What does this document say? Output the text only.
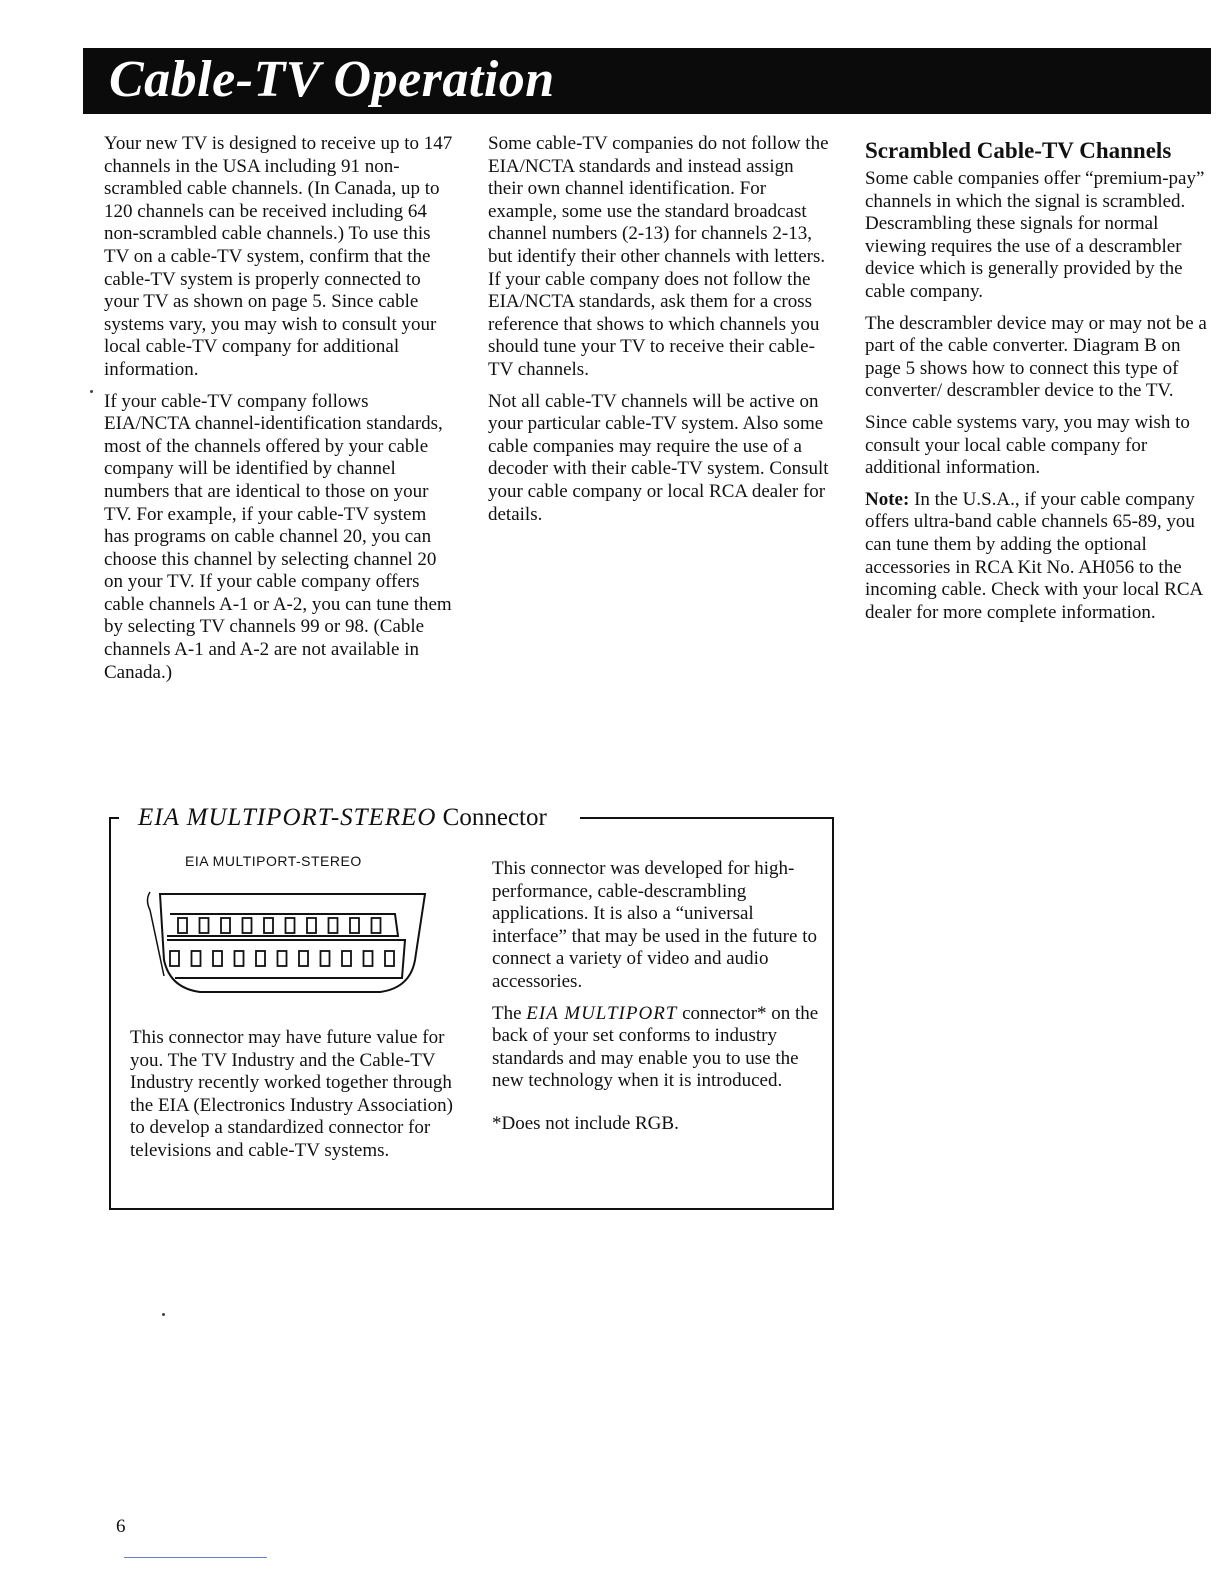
Cable-TV Operation

Your new TV is designed to receive up to 147 channels in the USA including 91 non-scrambled cable channels. (In Canada, up to 120 channels can be received including 64 non-scrambled cable channels.) To use this TV on a cable-TV system, confirm that the cable-TV system is properly connected to your TV as shown on page 5. Since cable systems vary, you may wish to consult your local cable-TV company for additional information.

If your cable-TV company follows EIA/NCTA channel-identification standards, most of the channels offered by your cable company will be identified by channel numbers that are identical to those on your TV. For example, if your cable-TV system has programs on cable channel 20, you can choose this channel by selecting channel 20 on your TV. If your cable company offers cable channels A-1 or A-2, you can tune them by selecting TV channels 99 or 98. (Cable channels A-1 and A-2 are not available in Canada.)

Some cable-TV companies do not follow the EIA/NCTA standards and instead assign their own channel identification. For example, some use the standard broadcast channel numbers (2-13) for channels 2-13, but identify their other channels with letters. If your cable company does not follow the EIA/NCTA standards, ask them for a cross reference that shows to which channels you should tune your TV to receive their cable-TV channels.

Not all cable-TV channels will be active on your particular cable-TV system. Also some cable companies may require the use of a decoder with their cable-TV system. Consult your cable company or local RCA dealer for details.

Scrambled Cable-TV Channels

Some cable companies offer “premium-pay” channels in which the signal is scrambled. Descrambling these signals for normal viewing requires the use of a descrambler device which is generally provided by the cable company.

The descrambler device may or may not be a part of the cable converter. Diagram B on page 5 shows how to connect this type of converter/ descrambler device to the TV.

Since cable systems vary, you may wish to consult your local cable company for additional information.

Note: In the U.S.A., if your cable company offers ultra-band cable channels 65-89, you can tune them by adding the optional accessories in RCA Kit No. AH056 to the incoming cable. Check with your local RCA dealer for more complete information.

EIA MULTIPORT-STEREO Connector
EIA MULTIPORT-STEREO

This connector may have future value for you. The TV Industry and the Cable-TV Industry recently worked together through the EIA (Electronics Industry Association) to develop a standardized connector for televisions and cable-TV systems.

This connector was developed for high-performance, cable-descrambling applications. It is also a “universal interface” that may be used in the future to connect a variety of video and audio accessories.

The EIA MULTIPORT connector* on the back of your set conforms to industry standards and may enable you to use the new technology when it is introduced.

*Does not include RGB.

6
